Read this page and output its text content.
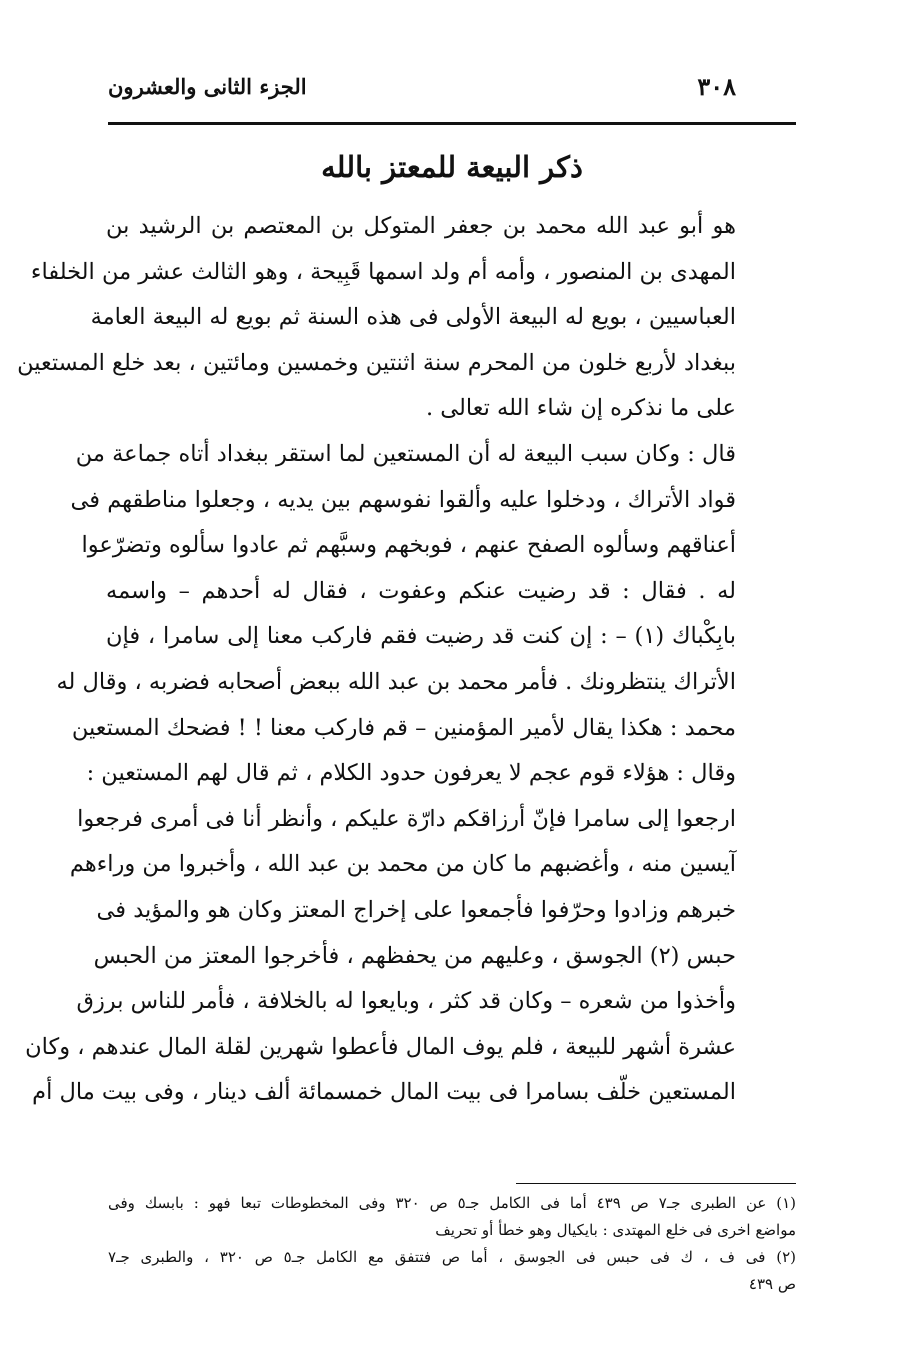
٣٠٨
الجزء الثانى والعشرون
ذكر البيعة للمعتز بالله
هو أبو عبد الله محمد بن جعفر المتوكل بن المعتصم بن الرشيد بن
المهدى بن المنصور ، وأمه أم ولد اسمها قَبِيحة ، وهو الثالث عشر من الخلفاء
العباسيين ، بويع له البيعة الأولى فى هذه السنة ثم بويع له البيعة العامة
ببغداد لأربع خلون من المحرم سنة اثنتين وخمسين ومائتين ، بعد خلع المستعين
على ما نذكره إن شاء الله تعالى .
قال : وكان سبب البيعة له أن المستعين لما استقر ببغداد أتاه جماعة من
قواد الأتراك ، ودخلوا عليه وألقوا نفوسهم بين يديه ، وجعلوا مناطقهم فى
أعناقهم وسألوه الصفح عنهم ، فوبخهم وسبَّهم ثم عادوا سألوه وتضرّعوا
له . فقال : قد رضيت عنكم وعفوت ، فقال له أحدهم – واسمه
بابِكْباك (١) – : إن كنت قد رضيت فقم فاركب معنا إلى سامرا ، فإن
الأتراك ينتظرونك . فأمر محمد بن عبد الله ببعض أصحابه فضربه ، وقال له
محمد : هكذا يقال لأمير المؤمنين – قم فاركب معنا ! ! فضحك المستعين
وقال : هؤلاء قوم عجم لا يعرفون حدود الكلام ، ثم قال لهم المستعين :
ارجعوا إلى سامرا فإنّ أرزاقكم دارّة عليكم ، وأنظر أنا فى أمرى فرجعوا
آيسين منه ، وأغضبهم ما كان من محمد بن عبد الله ، وأخبروا من وراءهم
خبرهم وزادوا وحرّفوا فأجمعوا على إخراج المعتز وكان هو والمؤيد فى
حبس (٢) الجوسق ، وعليهم من يحفظهم ، فأخرجوا المعتز من الحبس
وأخذوا من شعره – وكان قد كثر ، وبايعوا له بالخلافة ، فأمر للناس برزق
عشرة أشهر للبيعة ، فلم يوف المال فأعطوا شهرين لقلة المال عندهم ، وكان
المستعين خلّف بسامرا فى بيت المال خمسمائة ألف دينار ، وفى بيت مال أم
(١) عن الطبرى جـ٧ ص ٤٣٩ أما فى الكامل جـ٥ ص ٣٢٠ وفى المخطوطات تبعا فهو : بابسك وفى
مواضع اخرى فى خلع المهتدى : بايكيال وهو خطأ أو تحريف
(٢) فى ف ، ك فى حبس فى الجوسق ، أما ص فتتفق مع الكامل جـ٥ ص ٣٢٠ ، والطبرى جـ٧
ص ٤٣٩
